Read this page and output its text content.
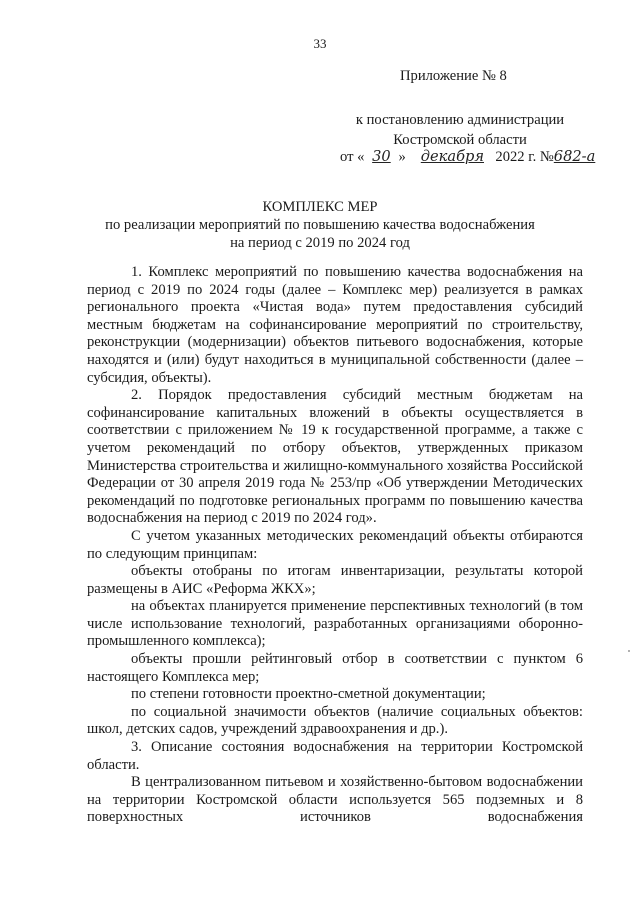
33
Приложение № 8
к постановлению администрации
Костромской области
от « 30 » декабря 2022 г. №682-а
КОМПЛЕКС МЕР
по реализации мероприятий по повышению качества водоснабжения
на период с 2019 по 2024 год

1. Комплекс мероприятий по повышению качества водоснабжения на период с 2019 по 2024 годы (далее – Комплекс мер) реализуется в рамках регионального проекта «Чистая вода» путем предоставления субсидий местным бюджетам на софинансирование мероприятий по строительству, реконструкции (модернизации) объектов питьевого водоснабжения, которые находятся и (или) будут находиться в муниципальной собственности (далее – субсидия, объекты).

2. Порядок предоставления субсидий местным бюджетам на софинансирование капитальных вложений в объекты осуществляется в соответствии с приложением № 19 к государственной программе, а также с учетом рекомендаций по отбору объектов, утвержденных приказом Министерства строительства и жилищно-коммунального хозяйства Российской Федерации от 30 апреля 2019 года № 253/пр «Об утверждении Методических рекомендаций по подготовке региональных программ по повышению качества водоснабжения на период с 2019 по 2024 год».

С учетом указанных методических рекомендаций объекты отбираются по следующим принципам:

объекты отобраны по итогам инвентаризации, результаты которой размещены в АИС «Реформа ЖКХ»;

на объектах планируется применение перспективных технологий (в том числе использование технологий, разработанных организациями оборонно-промышленного комплекса);

объекты прошли рейтинговый отбор в соответствии с пунктом 6 настоящего Комплекса мер;

по степени готовности проектно-сметной документации;

по социальной значимости объектов (наличие социальных объектов: школ, детских садов, учреждений здравоохранения и др.).

3. Описание состояния водоснабжения на территории Костромской области.

В централизованном питьевом и хозяйственно-бытовом водоснабжении на территории Костромской области используется 565 подземных и 8 поверхностных источников водоснабжения
